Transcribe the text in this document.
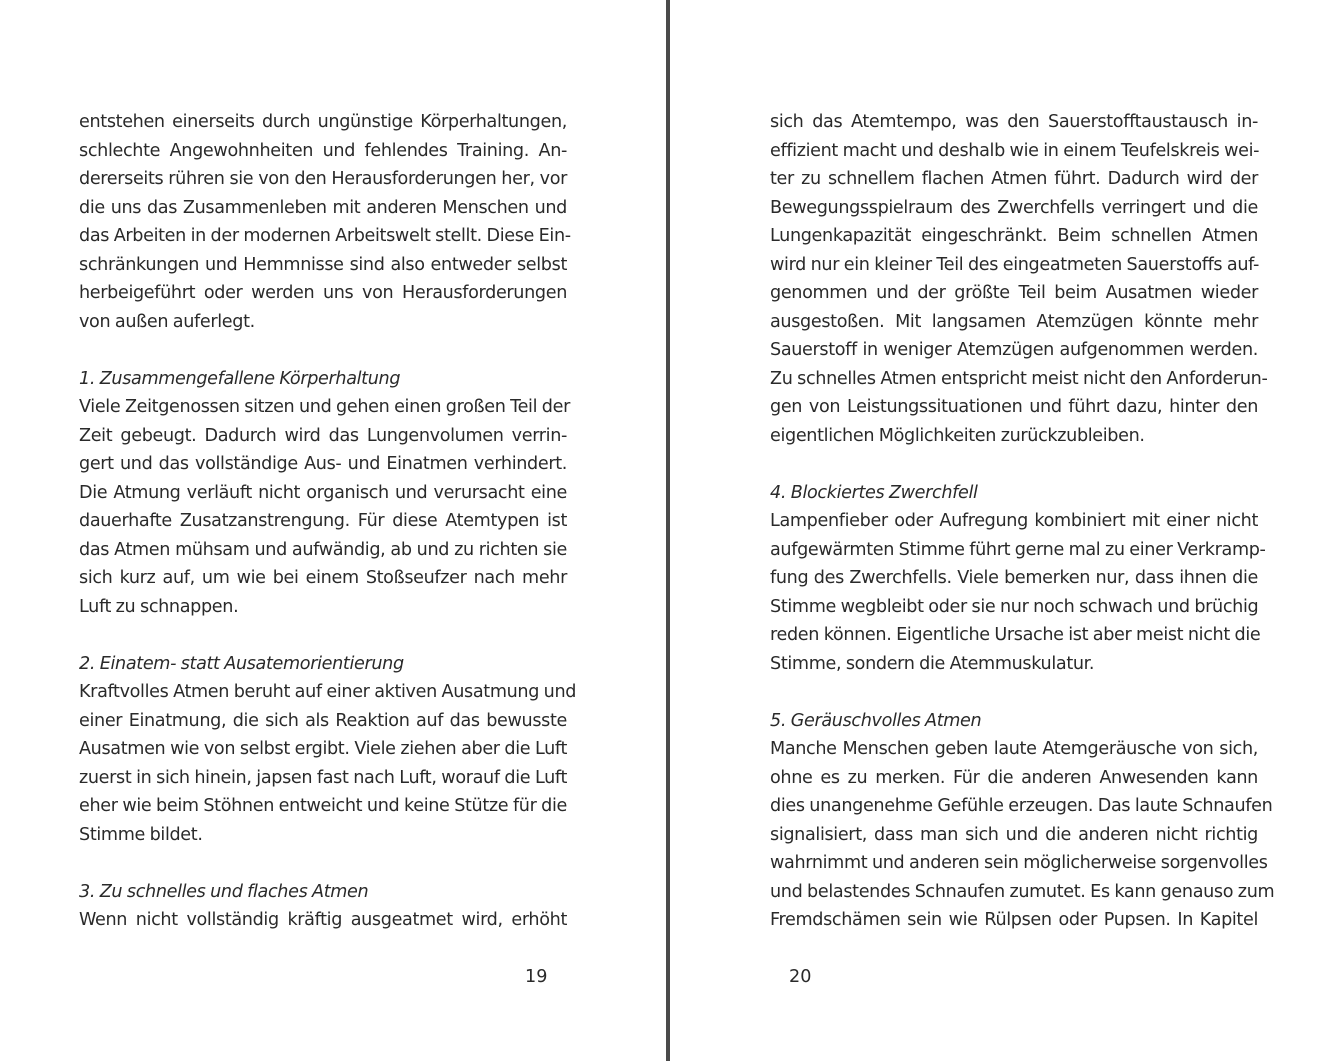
entstehen einerseits durch ungünstige Körperhaltungen,
schlechte Angewohnheiten und fehlendes Training. An-
dererseits rühren sie von den Herausforderungen her, vor
die uns das Zusammenleben mit anderen Menschen und
das Arbeiten in der modernen Arbeitswelt stellt. Diese Ein-
schränkungen und Hemmnisse sind also entweder selbst
herbeigeführt oder werden uns von Herausforderungen
von außen auferlegt.
1. Zusammengefallene Körperhaltung
Viele Zeitgenossen sitzen und gehen einen großen Teil der
Zeit gebeugt. Dadurch wird das Lungenvolumen verrin-
gert und das vollständige Aus- und Einatmen verhindert.
Die Atmung verläuft nicht organisch und verursacht eine
dauerhafte Zusatzanstrengung. Für diese Atemtypen ist
das Atmen mühsam und aufwändig, ab und zu richten sie
sich kurz auf, um wie bei einem Stoßseufzer nach mehr
Luft zu schnappen.
2. Einatem- statt Ausatemorientierung
Kraftvolles Atmen beruht auf einer aktiven Ausatmung und
einer Einatmung, die sich als Reaktion auf das bewusste
Ausatmen wie von selbst ergibt. Viele ziehen aber die Luft
zuerst in sich hinein, japsen fast nach Luft, worauf die Luft
eher wie beim Stöhnen entweicht und keine Stütze für die
Stimme bildet.
3. Zu schnelles und flaches Atmen
Wenn nicht vollständig kräftig ausgeatmet wird, erhöht
19
sich das Atemtempo, was den Sauerstofftaustausch in-
effizient macht und deshalb wie in einem Teufelskreis wei-
ter zu schnellem flachen Atmen führt. Dadurch wird der
Bewegungsspielraum des Zwerchfells verringert und die
Lungenkapazität eingeschränkt. Beim schnellen Atmen
wird nur ein kleiner Teil des eingeatmeten Sauerstoffs auf-
genommen und der größte Teil beim Ausatmen wieder
ausgestoßen. Mit langsamen Atemzügen könnte mehr
Sauerstoff in weniger Atemzügen aufgenommen werden.
Zu schnelles Atmen entspricht meist nicht den Anforderun-
gen von Leistungssituationen und führt dazu, hinter den
eigentlichen Möglichkeiten zurückzubleiben.
4. Blockiertes Zwerchfell
Lampenfieber oder Aufregung kombiniert mit einer nicht
aufgewärmten Stimme führt gerne mal zu einer Verkramp-
fung des Zwerchfells. Viele bemerken nur, dass ihnen die
Stimme wegbleibt oder sie nur noch schwach und brüchig
reden können. Eigentliche Ursache ist aber meist nicht die
Stimme, sondern die Atemmuskulatur.
5. Geräuschvolles Atmen
Manche Menschen geben laute Atemgeräusche von sich,
ohne es zu merken. Für die anderen Anwesenden kann
dies unangenehme Gefühle erzeugen. Das laute Schnaufen
signalisiert, dass man sich und die anderen nicht richtig
wahrnimmt und anderen sein möglicherweise sorgenvolles
und belastendes Schnaufen zumutet. Es kann genauso zum
Fremdschämen sein wie Rülpsen oder Pupsen. In Kapitel
20
